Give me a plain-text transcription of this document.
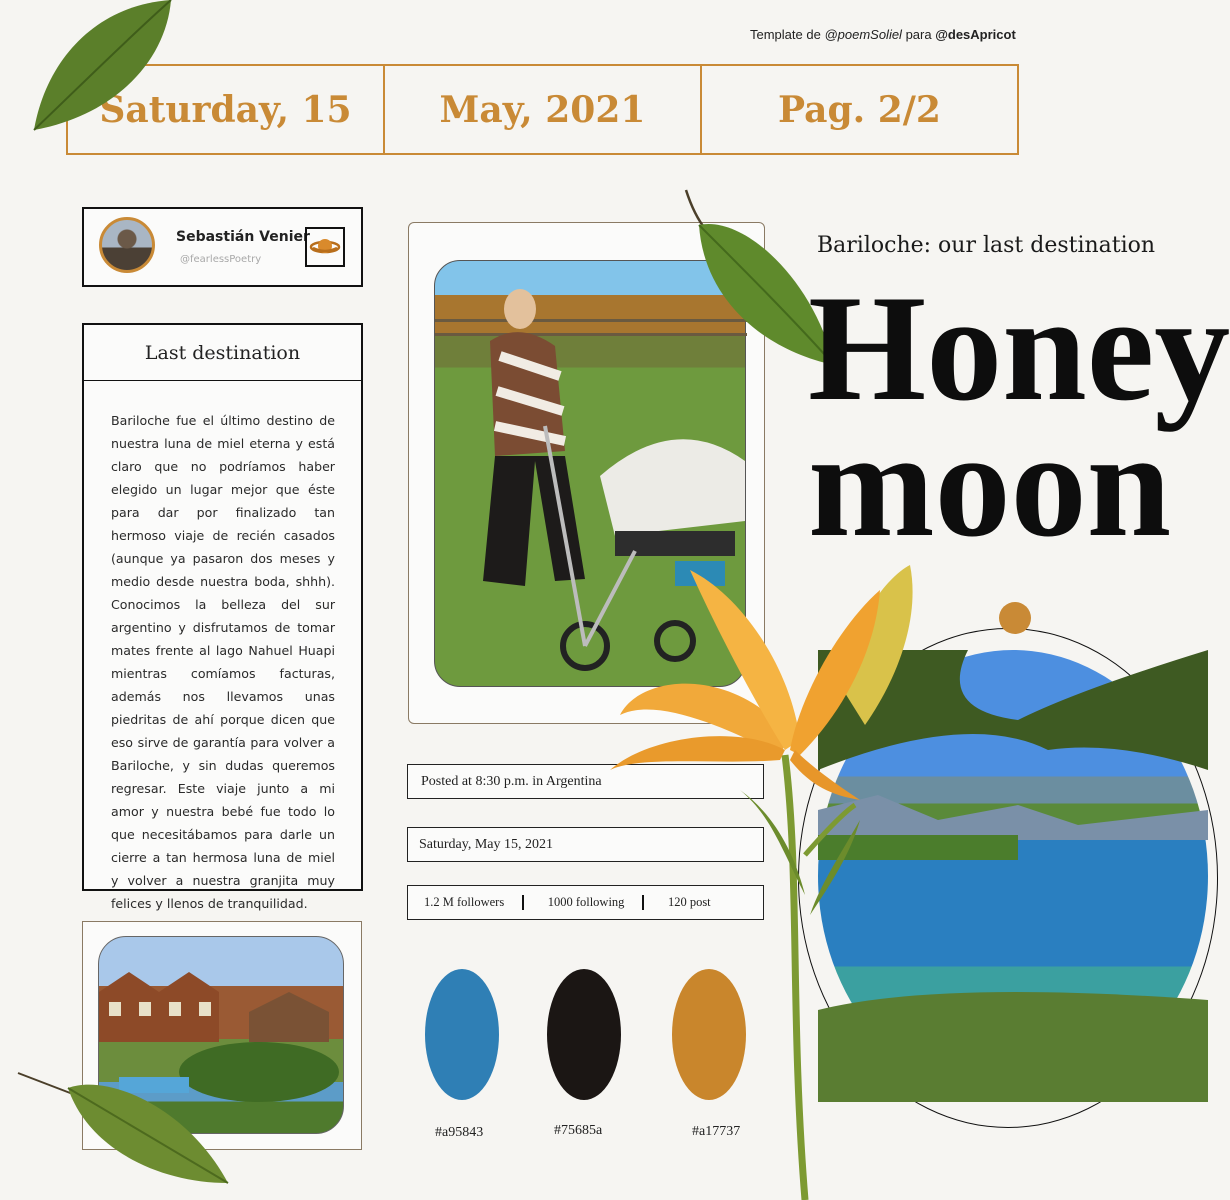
Template de @poemSoliel para @desApricot
Saturday, 15	May, 2021	Pag. 2/2
Sebastián Venier
@fearlessPoetry
Last destination
Bariloche fue el último destino de nuestra luna de miel eterna y está claro que no podríamos haber elegido un lugar mejor que éste para dar por finalizado tan hermoso viaje de recién casados (aunque ya pasaron dos meses y medio desde nuestra boda, shhh). Conocimos la belleza del sur argentino y disfrutamos de tomar mates frente al lago Nahuel Huapi mientras comíamos facturas, además nos llevamos unas piedritas de ahí porque dicen que eso sirve de garantía para volver a Bariloche, y sin dudas queremos regresar. Este viaje junto a mi amor y nuestra bebé fue todo lo que necesitábamos para darle un cierre a tan hermosa luna de miel y volver a nuestra granjita muy felices y llenos de tranquilidad.
Posted at 8:30 p.m. in Argentina
Saturday, May 15, 2021
1.2 M followers	1000 following	120 post
#a95843	#75685a	#a17737
Bariloche: our last destination
Honey
moon
